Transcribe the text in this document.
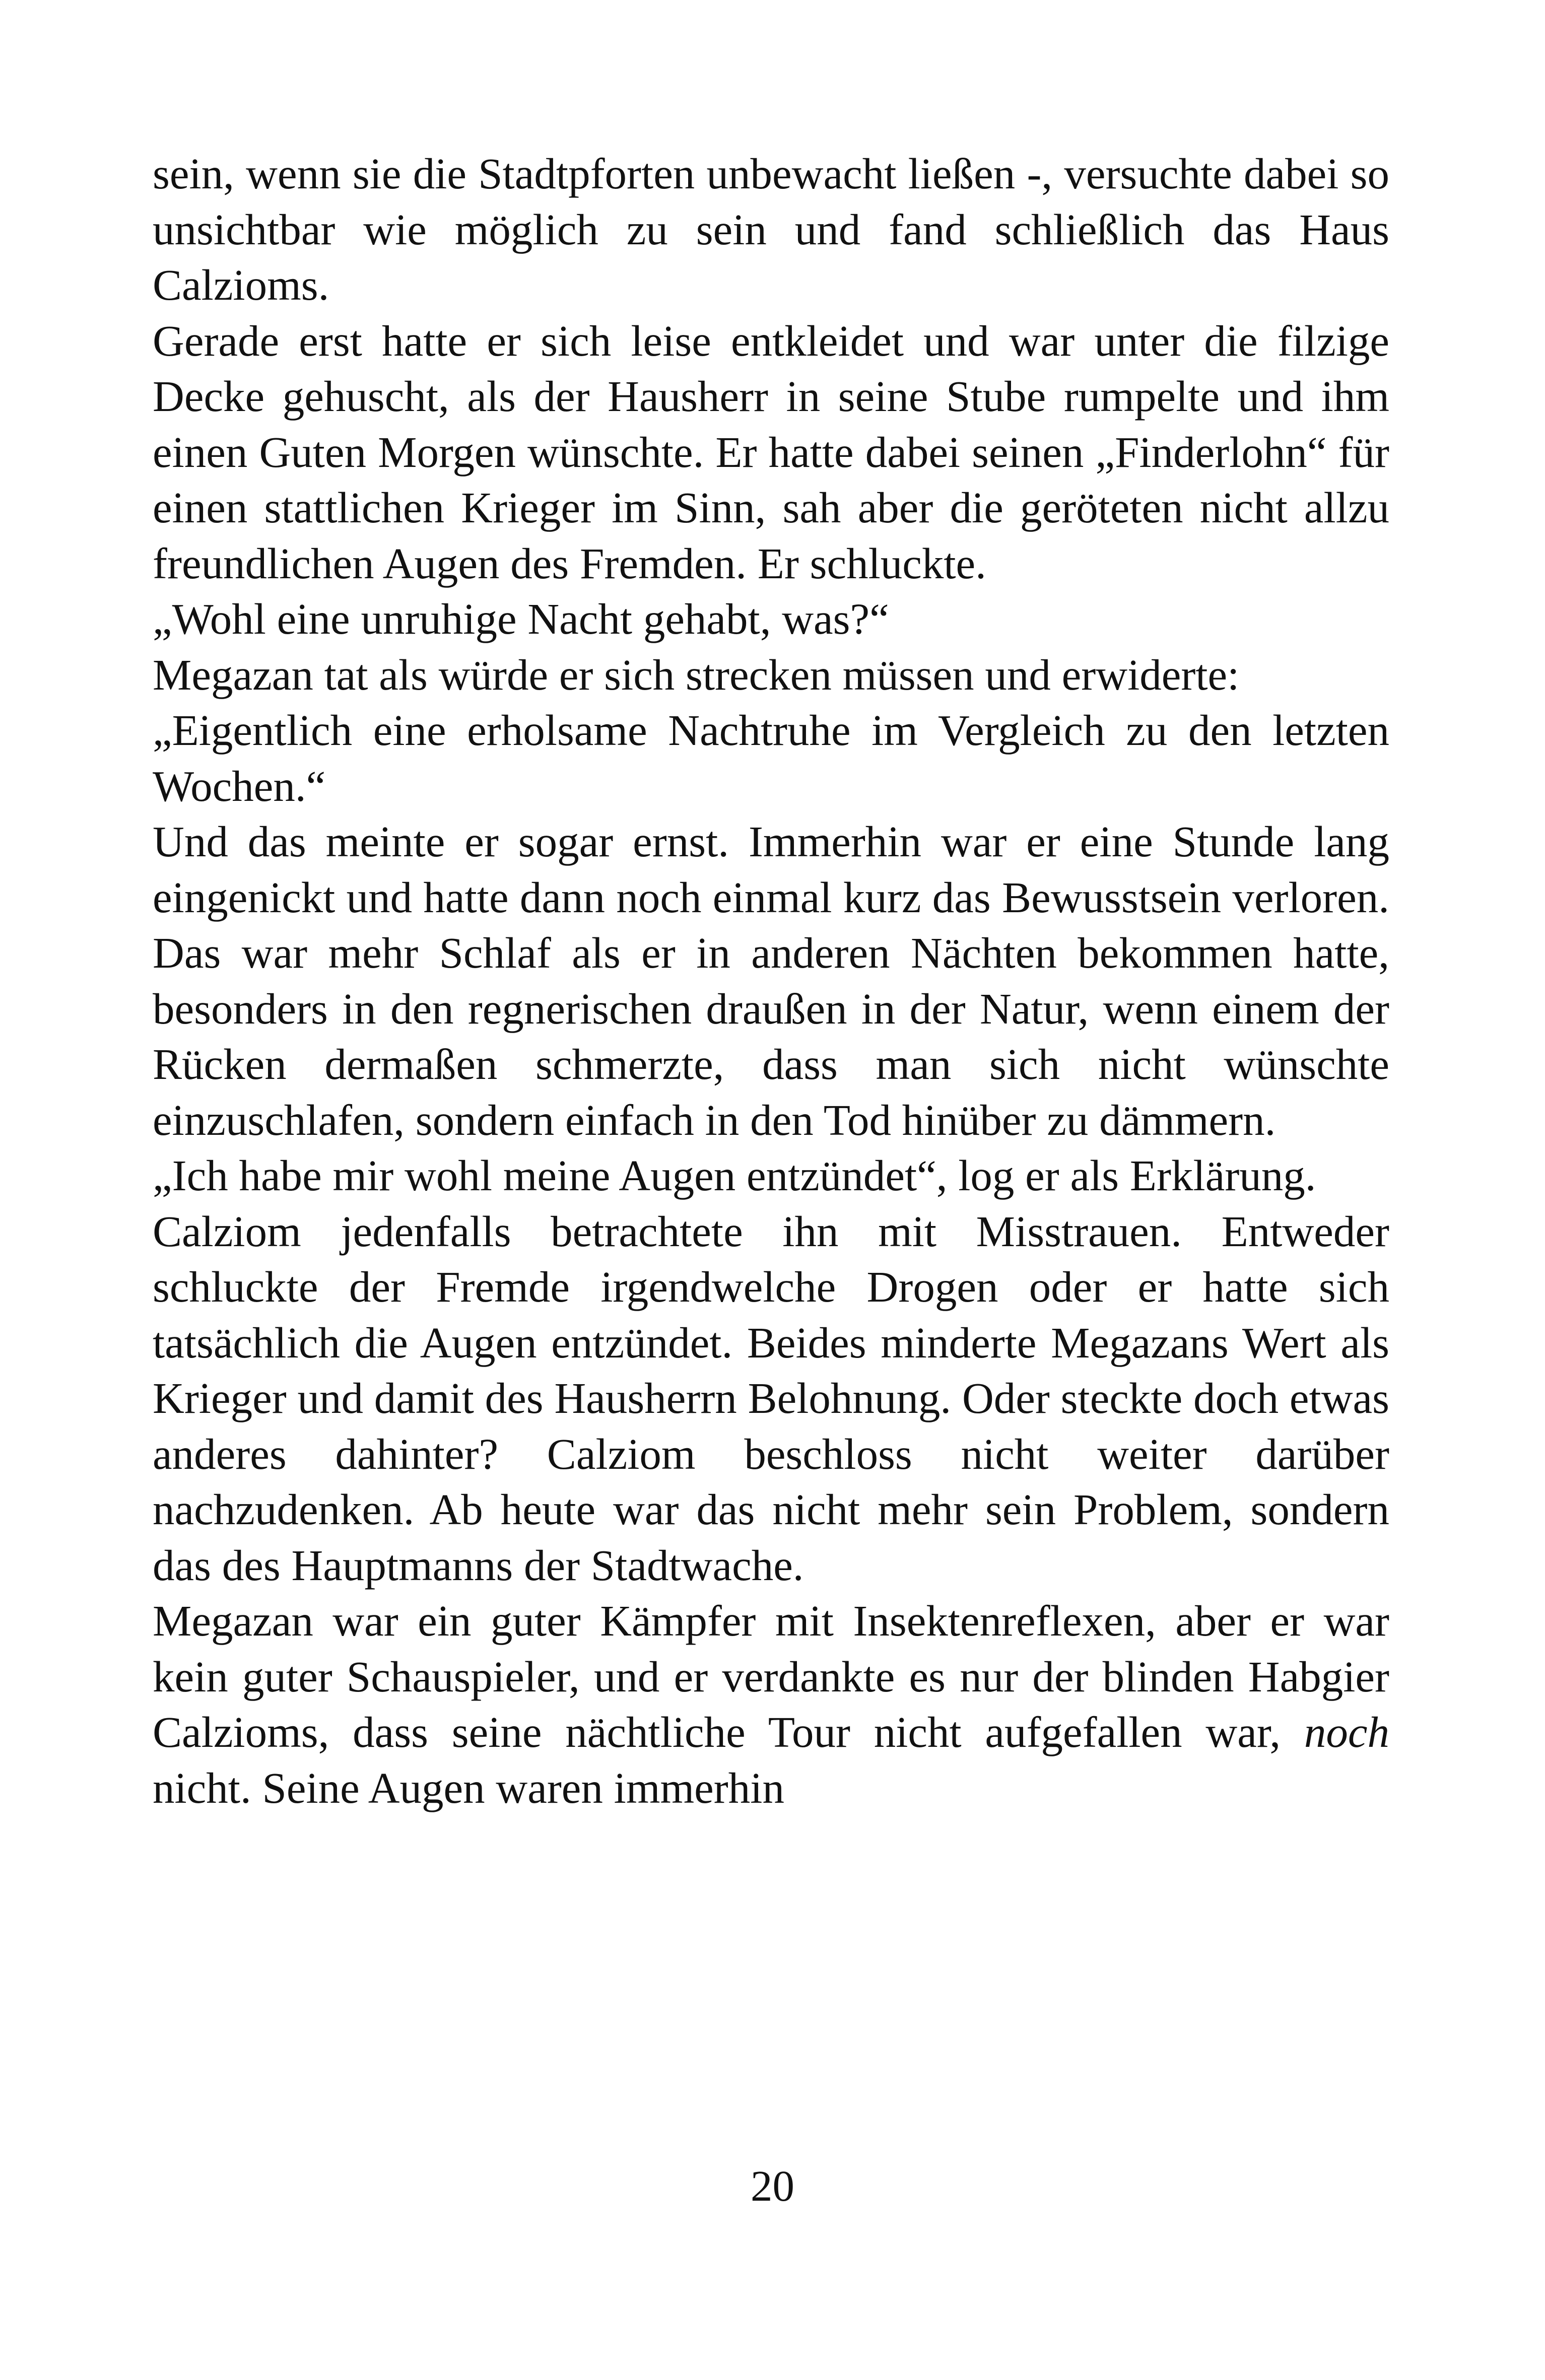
sein, wenn sie die Stadtpforten unbewacht ließen -, versuchte dabei so unsichtbar wie möglich zu sein und fand schließlich das Haus Calzioms.

Gerade erst hatte er sich leise entkleidet und war unter die filzige Decke gehuscht, als der Hausherr in seine Stube rumpelte und ihm einen Guten Morgen wünschte. Er hatte dabei seinen „Finderlohn“ für einen stattlichen Krieger im Sinn, sah aber die geröteten nicht allzu freundlichen Augen des Fremden. Er schluckte.

„Wohl eine unruhige Nacht gehabt, was?“

Megazan tat als würde er sich strecken müssen und erwiderte:

„Eigentlich eine erholsame Nachtruhe im Vergleich zu den letzten Wochen.“

Und das meinte er sogar ernst. Immerhin war er eine Stunde lang eingenickt und hatte dann noch einmal kurz das Bewusstsein verloren. Das war mehr Schlaf als er in anderen Nächten bekommen hatte, besonders in den regnerischen draußen in der Natur, wenn einem der Rücken dermaßen schmerzte, dass man sich nicht wünschte einzuschlafen, sondern einfach in den Tod hinüber zu dämmern.

„Ich habe mir wohl meine Augen entzündet“, log er als Erklärung.

Calziom jedenfalls betrachtete ihn mit Misstrauen. Entweder schluckte der Fremde irgendwelche Drogen oder er hatte sich tatsächlich die Augen entzündet. Beides minderte Megazans Wert als Krieger und damit des Hausherrn Belohnung. Oder steckte doch etwas anderes dahinter? Calziom beschloss nicht weiter darüber nachzudenken. Ab heute war das nicht mehr sein Problem, sondern das des Hauptmanns der Stadtwache.

Megazan war ein guter Kämpfer mit Insektenreflexen, aber er war kein guter Schauspieler, und er verdankte es nur der blinden Habgier Calzioms, dass seine nächtliche Tour nicht aufgefallen war, noch nicht. Seine Augen waren immerhin

20
